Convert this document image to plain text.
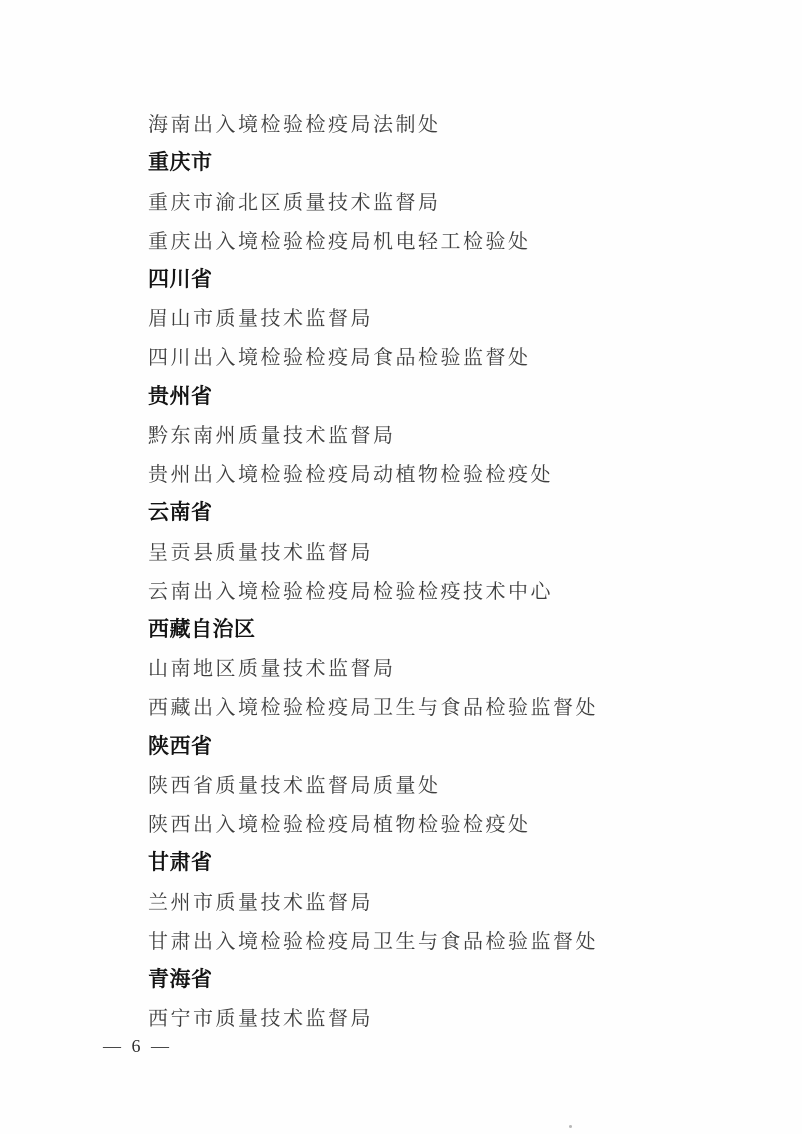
海南出入境检验检疫局法制处
重庆市
重庆市渝北区质量技术监督局
重庆出入境检验检疫局机电轻工检验处
四川省
眉山市质量技术监督局
四川出入境检验检疫局食品检验监督处
贵州省
黔东南州质量技术监督局
贵州出入境检验检疫局动植物检验检疫处
云南省
呈贡县质量技术监督局
云南出入境检验检疫局检验检疫技术中心
西藏自治区
山南地区质量技术监督局
西藏出入境检验检疫局卫生与食品检验监督处
陕西省
陕西省质量技术监督局质量处
陕西出入境检验检疫局植物检验检疫处
甘肃省
兰州市质量技术监督局
甘肃出入境检验检疫局卫生与食品检验监督处
青海省
西宁市质量技术监督局
— 6 —
